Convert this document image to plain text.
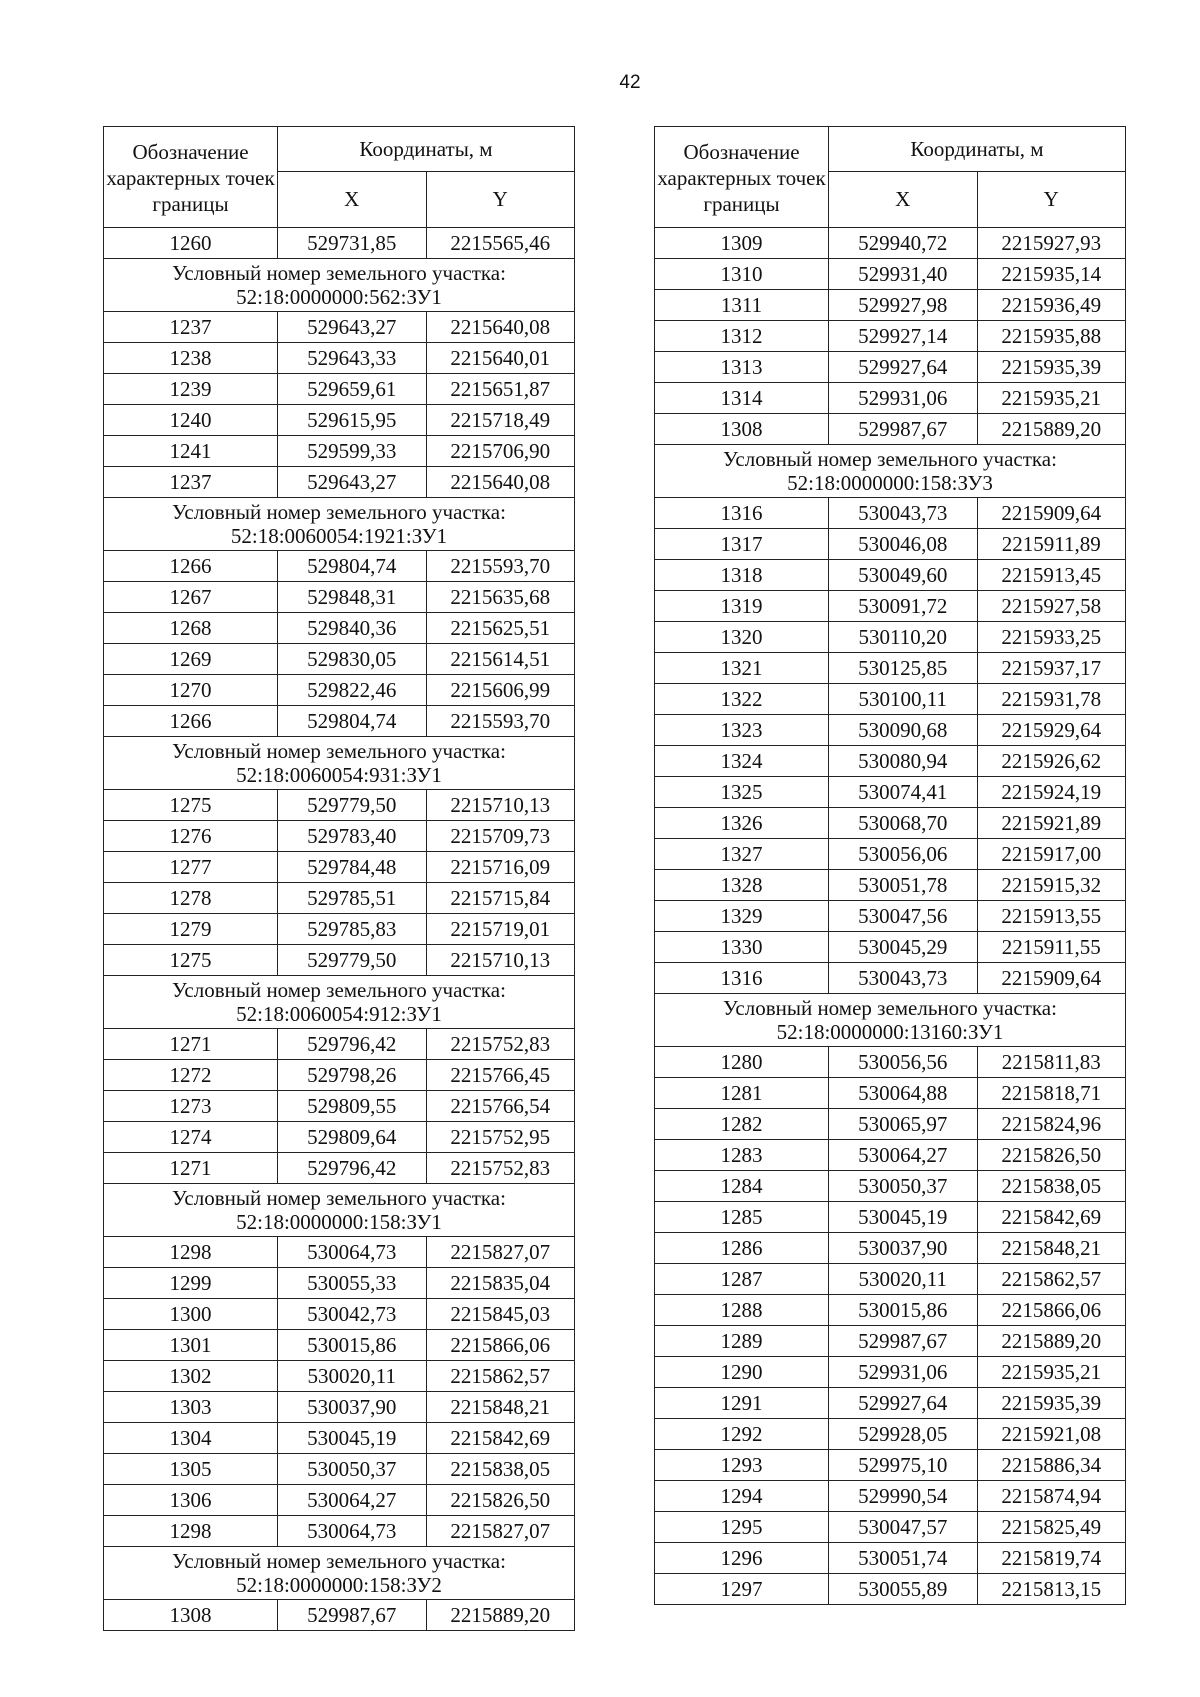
42
Обозначение характерных точек границы	Координаты, м	
	X	Y
1260	529731,85	2215565,46

Условный номер земельного участка:
52:18:0000000:562:ЗУ1		

1237	529643,27	2215640,08
1238	529643,33	2215640,01
1239	529659,61	2215651,87
1240	529615,95	2215718,49
1241	529599,33	2215706,90
1237	529643,27	2215640,08

Условный номер земельного участка:
52:18:0060054:1921:ЗУ1		

1266	529804,74	2215593,70
1267	529848,31	2215635,68
1268	529840,36	2215625,51
1269	529830,05	2215614,51
1270	529822,46	2215606,99
1266	529804,74	2215593,70

Условный номер земельного участка:
52:18:0060054:931:ЗУ1		

1275	529779,50	2215710,13
1276	529783,40	2215709,73
1277	529784,48	2215716,09
1278	529785,51	2215715,84
1279	529785,83	2215719,01
1275	529779,50	2215710,13

Условный номер земельного участка:
52:18:0060054:912:ЗУ1		

1271	529796,42	2215752,83
1272	529798,26	2215766,45
1273	529809,55	2215766,54
1274	529809,64	2215752,95
1271	529796,42	2215752,83

Условный номер земельного участка:
52:18:0000000:158:ЗУ1		

1298	530064,73	2215827,07
1299	530055,33	2215835,04
1300	530042,73	2215845,03
1301	530015,86	2215866,06
1302	530020,11	2215862,57
1303	530037,90	2215848,21
1304	530045,19	2215842,69
1305	530050,37	2215838,05
1306	530064,27	2215826,50
1298	530064,73	2215827,07

Условный номер земельного участка:
52:18:0000000:158:ЗУ2		

1308	529987,67	2215889,20
Обозначение характерных точек границы	Координаты, м	
	X	Y
1309	529940,72	2215927,93
1310	529931,40	2215935,14
1311	529927,98	2215936,49
1312	529927,14	2215935,88
1313	529927,64	2215935,39
1314	529931,06	2215935,21
1308	529987,67	2215889,20

Условный номер земельного участка:
52:18:0000000:158:ЗУ3		

1316	530043,73	2215909,64
1317	530046,08	2215911,89
1318	530049,60	2215913,45
1319	530091,72	2215927,58
1320	530110,20	2215933,25
1321	530125,85	2215937,17
1322	530100,11	2215931,78
1323	530090,68	2215929,64
1324	530080,94	2215926,62
1325	530074,41	2215924,19
1326	530068,70	2215921,89
1327	530056,06	2215917,00
1328	530051,78	2215915,32
1329	530047,56	2215913,55
1330	530045,29	2215911,55
1316	530043,73	2215909,64

Условный номер земельного участка:
52:18:0000000:13160:ЗУ1		

1280	530056,56	2215811,83
1281	530064,88	2215818,71
1282	530065,97	2215824,96
1283	530064,27	2215826,50
1284	530050,37	2215838,05
1285	530045,19	2215842,69
1286	530037,90	2215848,21
1287	530020,11	2215862,57
1288	530015,86	2215866,06
1289	529987,67	2215889,20
1290	529931,06	2215935,21
1291	529927,64	2215935,39
1292	529928,05	2215921,08
1293	529975,10	2215886,34
1294	529990,54	2215874,94
1295	530047,57	2215825,49
1296	530051,74	2215819,74
1297	530055,89	2215813,15
